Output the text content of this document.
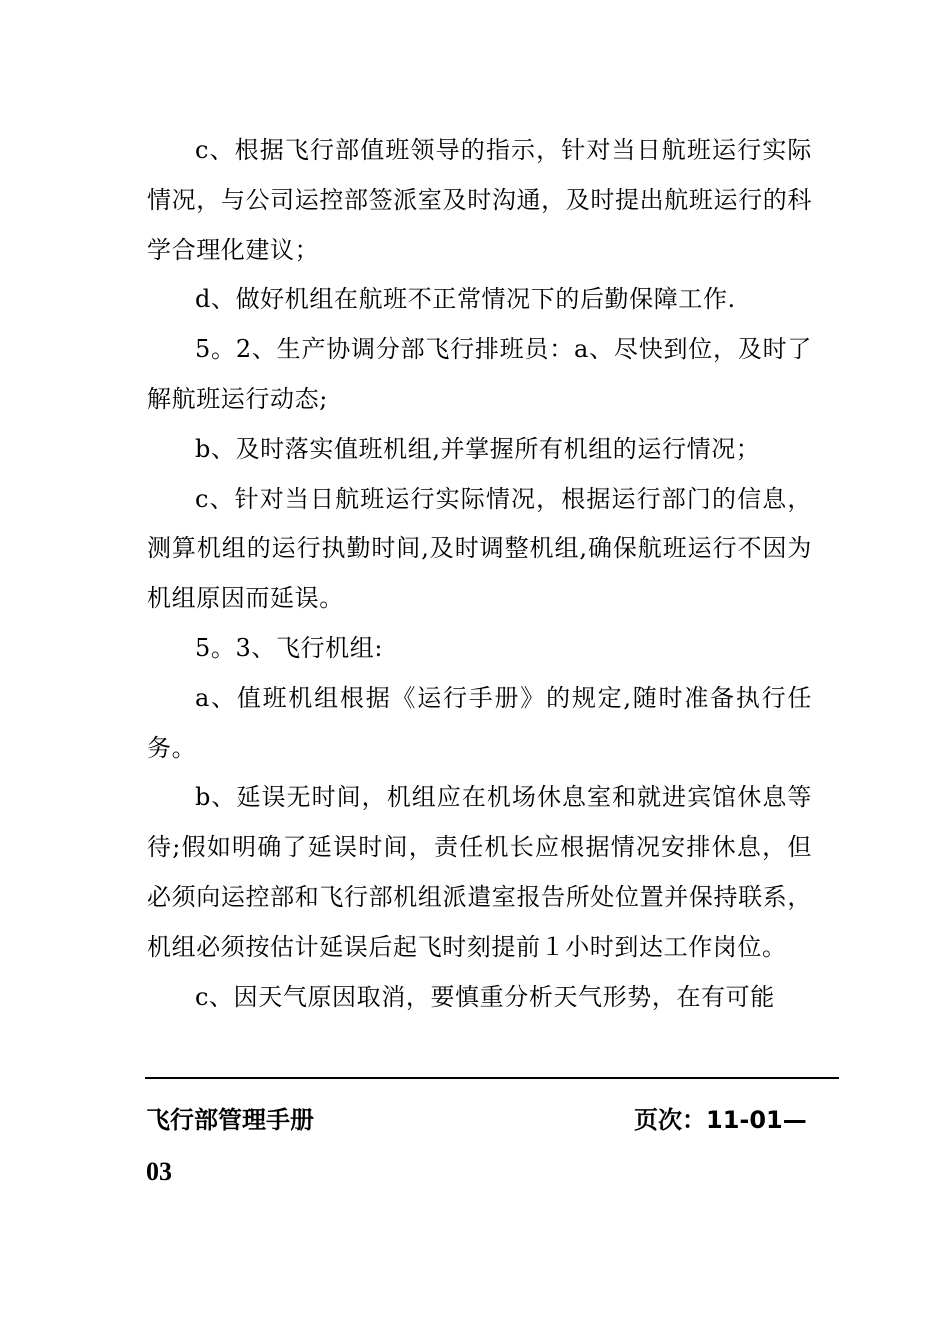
c、根据飞行部值班领导的指示，针对当日航班运行实际情况，与公司运控部签派室及时沟通，及时提出航班运行的科学合理化建议；

d、做好机组在航班不正常情况下的后勤保障工作.

5。2、生产协调分部飞行排班员：a、尽快到位，及时了解航班运行动态;

b、及时落实值班机组,并掌握所有机组的运行情况；

c、针对当日航班运行实际情况，根据运行部门的信息，测算机组的运行执勤时间,及时调整机组,确保航班运行不因为机组原因而延误。

5。3、飞行机组:

a、值班机组根据《运行手册》的规定,随时准备执行任务。

b、延误无时间，机组应在机场休息室和就进宾馆休息等待;假如明确了延误时间，责任机长应根据情况安排休息，但必须向运控部和飞行部机组派遣室报告所处位置并保持联系，机组必须按估计延误后起飞时刻提前１小时到达工作岗位。

c、因天气原因取消，要慎重分析天气形势，在有可能

飞行部管理手册	页次：11-01—
03
